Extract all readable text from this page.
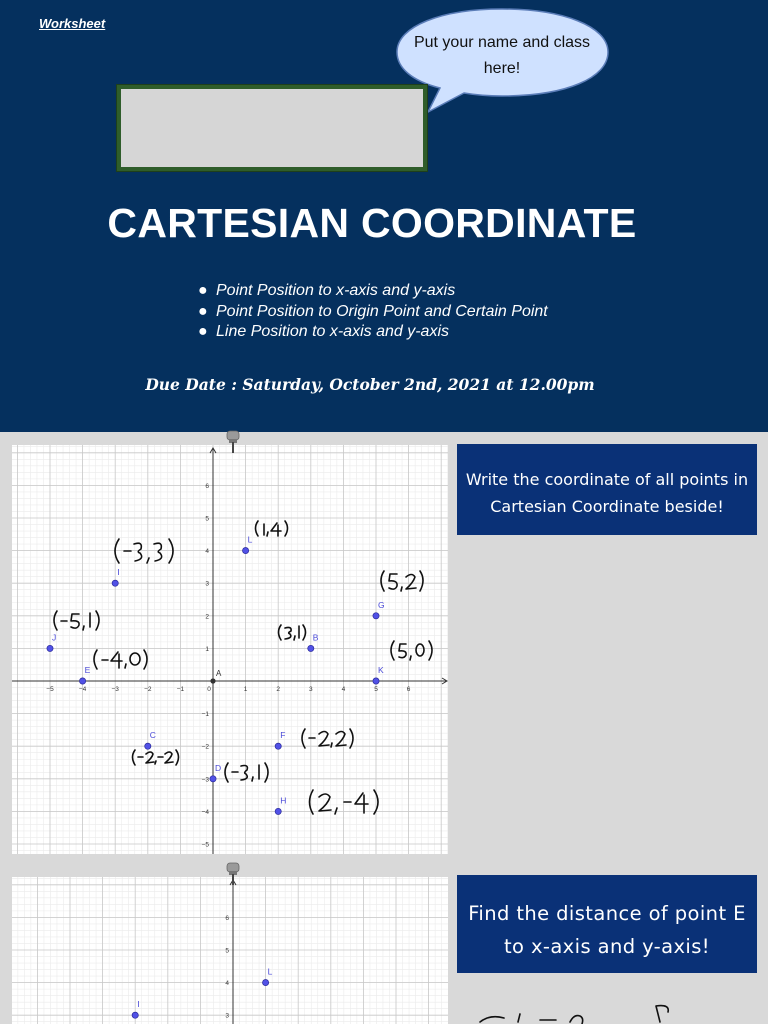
Worksheet
Put your name and class here!
CARTESIAN COORDINATE
● Point Position to x-axis and y-axis
● Point Position to Origin Point and Certain Point
● Line Position to x-axis and y-axis
Due Date : Saturday, October 2nd, 2021 at 12.00pm
−5	−4	−3	−2	−1	0	1	2	3	4	5	6
6
5
4
3
2
1
−1
−2
−3
−4
−5
A
J
E
I
C
D
L
F
H
B
G
K
Write the coordinate of all points in Cartesian Coordinate beside!
6
5
4
3
L
I
Find the distance of point E to x-axis and y-axis!
